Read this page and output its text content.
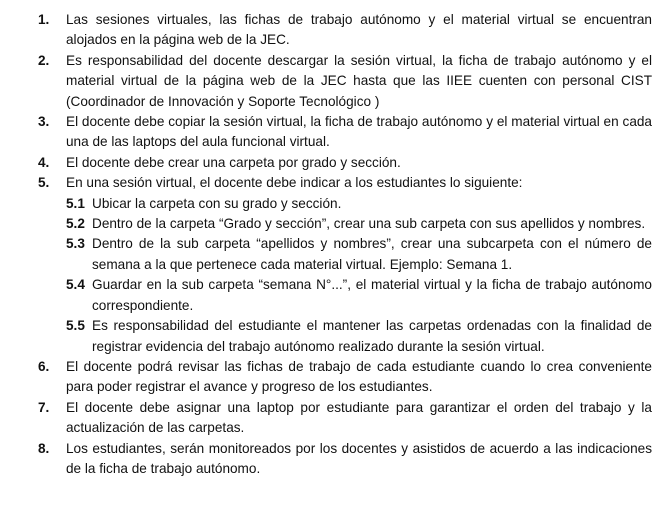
1.	Las sesiones virtuales, las fichas de trabajo autónomo y el material virtual se encuentran alojados en la página web de la JEC.
2.	Es responsabilidad del docente descargar la sesión virtual, la ficha de trabajo autónomo y el material virtual de la página web de la JEC hasta que las IIEE cuenten con personal CIST (Coordinador de Innovación y Soporte Tecnológico )
3.	El docente debe copiar la sesión virtual, la ficha de trabajo autónomo y el material virtual en cada una de las laptops del aula funcional virtual.
4.	El docente debe crear una carpeta por grado y sección.
5.	En una sesión virtual, el docente debe indicar a los estudiantes lo siguiente:
5.1 Ubicar la carpeta con su grado y sección.
5.2 Dentro de la carpeta “Grado y sección”, crear una sub carpeta con sus apellidos y nombres.
5.3 Dentro de la sub carpeta “apellidos y nombres”, crear una subcarpeta con el número de semana a la que pertenece cada material virtual. Ejemplo: Semana 1.
5.4 Guardar en la sub carpeta “semana N°...”, el material virtual y la ficha de trabajo autónomo correspondiente.
5.5 Es responsabilidad del estudiante el mantener las carpetas ordenadas con la finalidad de registrar evidencia del trabajo autónomo realizado durante la sesión virtual.
6.	El docente podrá revisar las fichas de trabajo de cada estudiante cuando lo crea conveniente para poder registrar el avance y progreso de los estudiantes.
7.	El docente debe asignar una laptop por estudiante para garantizar el orden del trabajo y la actualización de las carpetas.
8.	Los estudiantes, serán monitoreados por los docentes y asistidos de acuerdo a las indicaciones de la ficha de trabajo autónomo.
